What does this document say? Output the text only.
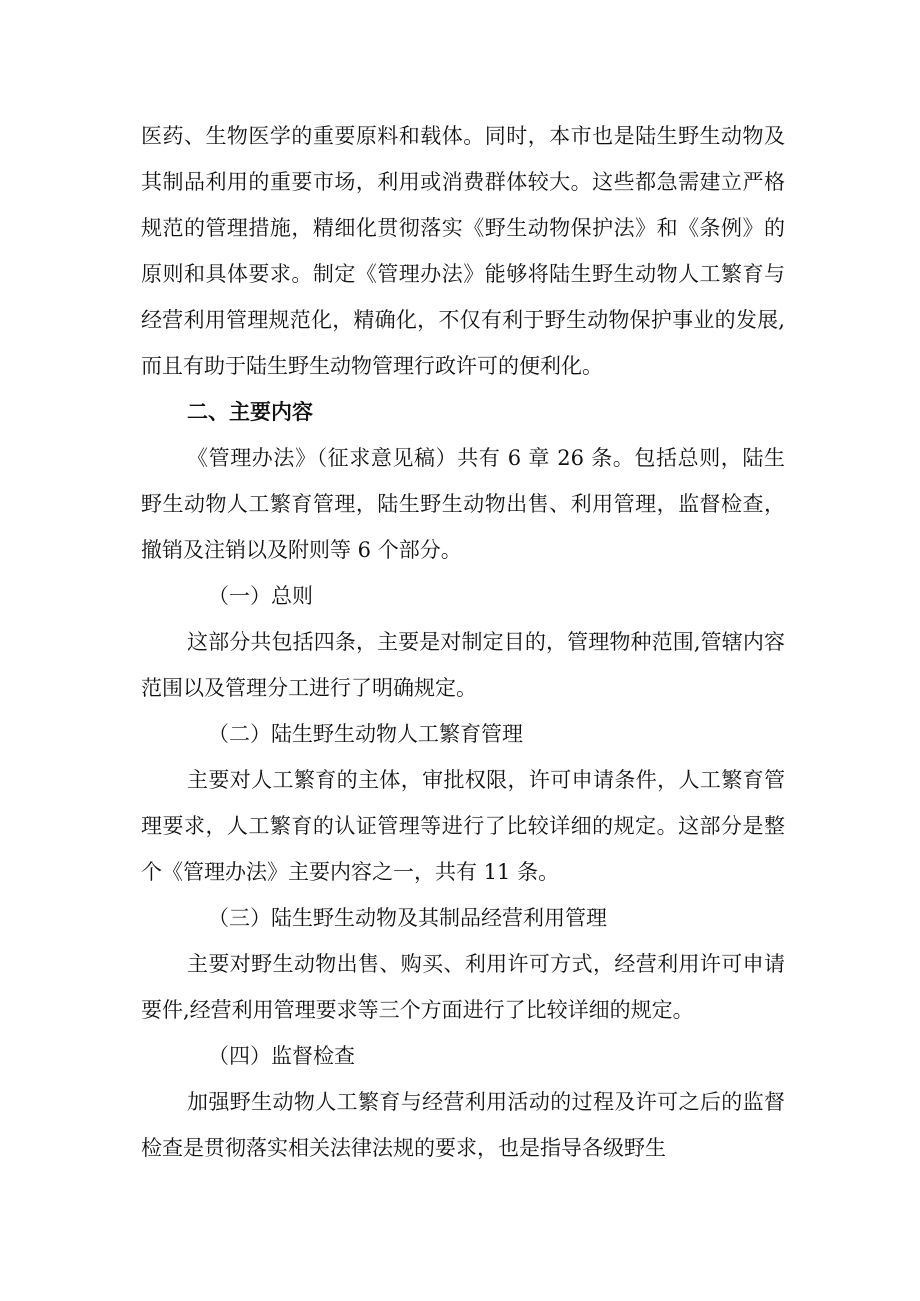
医药、生物医学的重要原料和载体。同时，本市也是陆生野生动物及其制品利用的重要市场，利用或消费群体较大。这些都急需建立严格规范的管理措施，精细化贯彻落实《野生动物保护法》和《条例》的原则和具体要求。制定《管理办法》能够将陆生野生动物人工繁育与经营利用管理规范化，精确化，不仅有利于野生动物保护事业的发展,而且有助于陆生野生动物管理行政许可的便利化。

二、主要内容

《管理办法》（征求意见稿）共有 6 章 26 条。包括总则，陆生野生动物人工繁育管理，陆生野生动物出售、利用管理，监督检查，撤销及注销以及附则等 6 个部分。

（一）总则

这部分共包括四条，主要是对制定目的，管理物种范围,管辖内容范围以及管理分工进行了明确规定。

（二）陆生野生动物人工繁育管理

主要对人工繁育的主体，审批权限，许可申请条件，人工繁育管理要求，人工繁育的认证管理等进行了比较详细的规定。这部分是整个《管理办法》主要内容之一，共有 11 条。

（三）陆生野生动物及其制品经营利用管理

主要对野生动物出售、购买、利用许可方式，经营利用许可申请要件,经营利用管理要求等三个方面进行了比较详细的规定。

（四）监督检查

加强野生动物人工繁育与经营利用活动的过程及许可之后的监督检查是贯彻落实相关法律法规的要求，也是指导各级野生
